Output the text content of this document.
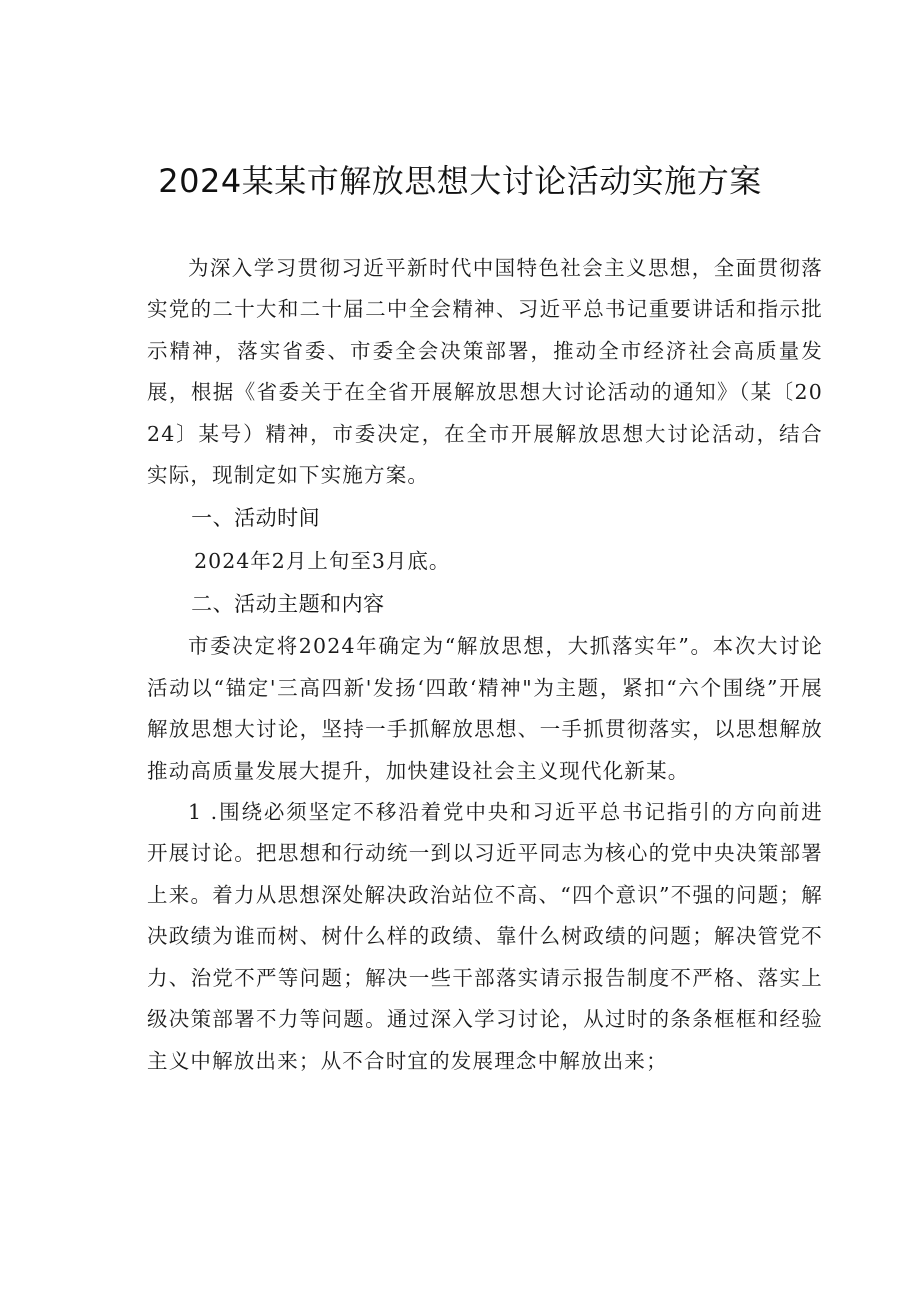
2024某某市解放思想大讨论活动实施方案

为深入学习贯彻习近平新时代中国特色社会主义思想，全面贯彻落实党的二十大和二十届二中全会精神、习近平总书记重要讲话和指示批示精神，落实省委、市委全会决策部署，推动全市经济社会高质量发展，根据《省委关于在全省开展解放思想大讨论活动的通知》（某〔2024〕某号）精神，市委决定，在全市开展解放思想大讨论活动，结合实际，现制定如下实施方案。

一、活动时间

2024年2月上旬至3月底。

二、活动主题和内容

市委决定将2024年确定为“解放思想，大抓落实年”。本次大讨论活动以“锚定'三高四新'发扬‘四敢‘精神"为主题，紧扣“六个围绕”开展解放思想大讨论，坚持一手抓解放思想、一手抓贯彻落实，以思想解放推动高质量发展大提升，加快建设社会主义现代化新某。

1 .围绕必须坚定不移沿着党中央和习近平总书记指引的方向前进开展讨论。把思想和行动统一到以习近平同志为核心的党中央决策部署上来。着力从思想深处解决政治站位不高、“四个意识”不强的问题；解决政绩为谁而树、树什么样的政绩、靠什么树政绩的问题；解决管党不力、治党不严等问题；解决一些干部落实请示报告制度不严格、落实上级决策部署不力等问题。通过深入学习讨论，从过时的条条框框和经验主义中解放出来；从不合时宜的发展理念中解放出来；
